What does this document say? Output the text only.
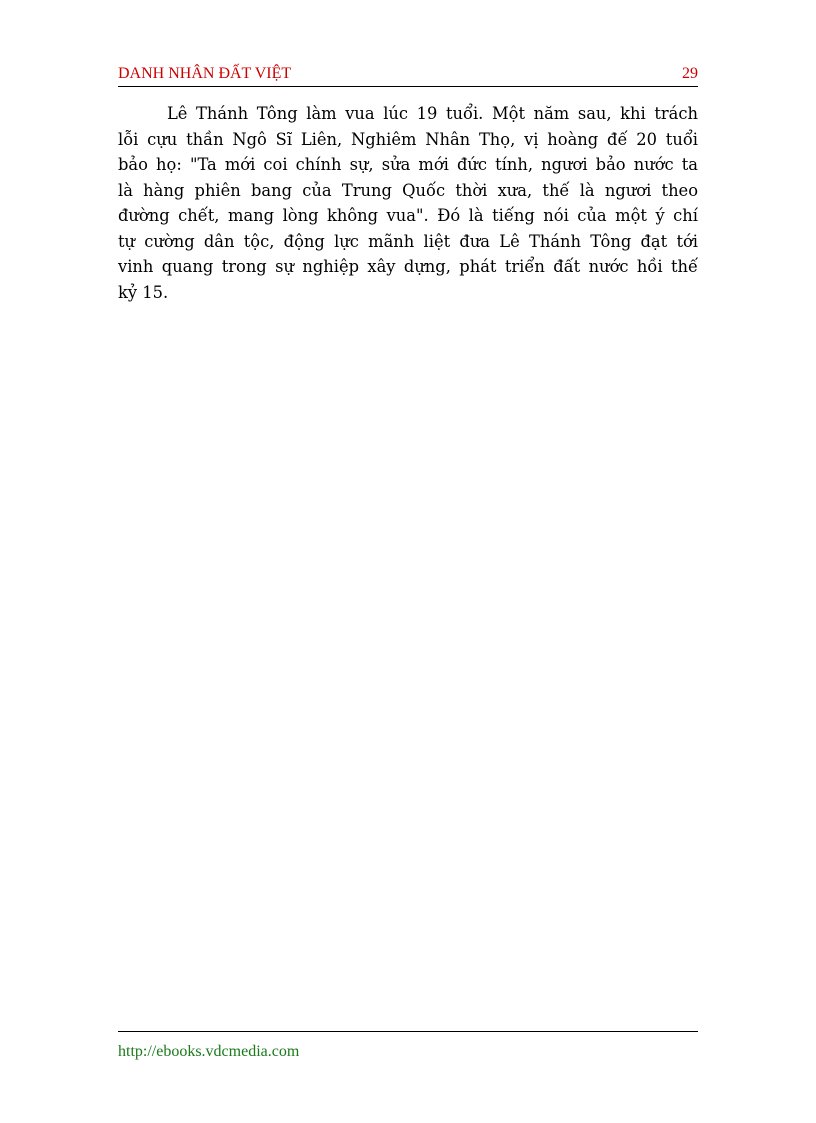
DANH NHÂN ĐẤT VIỆT	29
Lê Thánh Tông làm vua lúc 19 tuổi. Một năm sau, khi trách
lỗi cựu thần Ngô Sĩ Liên, Nghiêm Nhân Thọ, vị hoàng đế 20 tuổi
bảo họ: "Ta mới coi chính sự, sửa mới đức tính, ngươi bảo nước ta
là hàng phiên bang của Trung Quốc thời xưa, thế là ngươi theo
đường chết, mang lòng không vua". Đó là tiếng nói của một ý chí
tự cường dân tộc, động lực mãnh liệt đưa Lê Thánh Tông đạt tới
vinh quang trong sự nghiệp xây dựng, phát triển đất nước hồi thế
kỷ 15.
http://ebooks.vdcmedia.com
